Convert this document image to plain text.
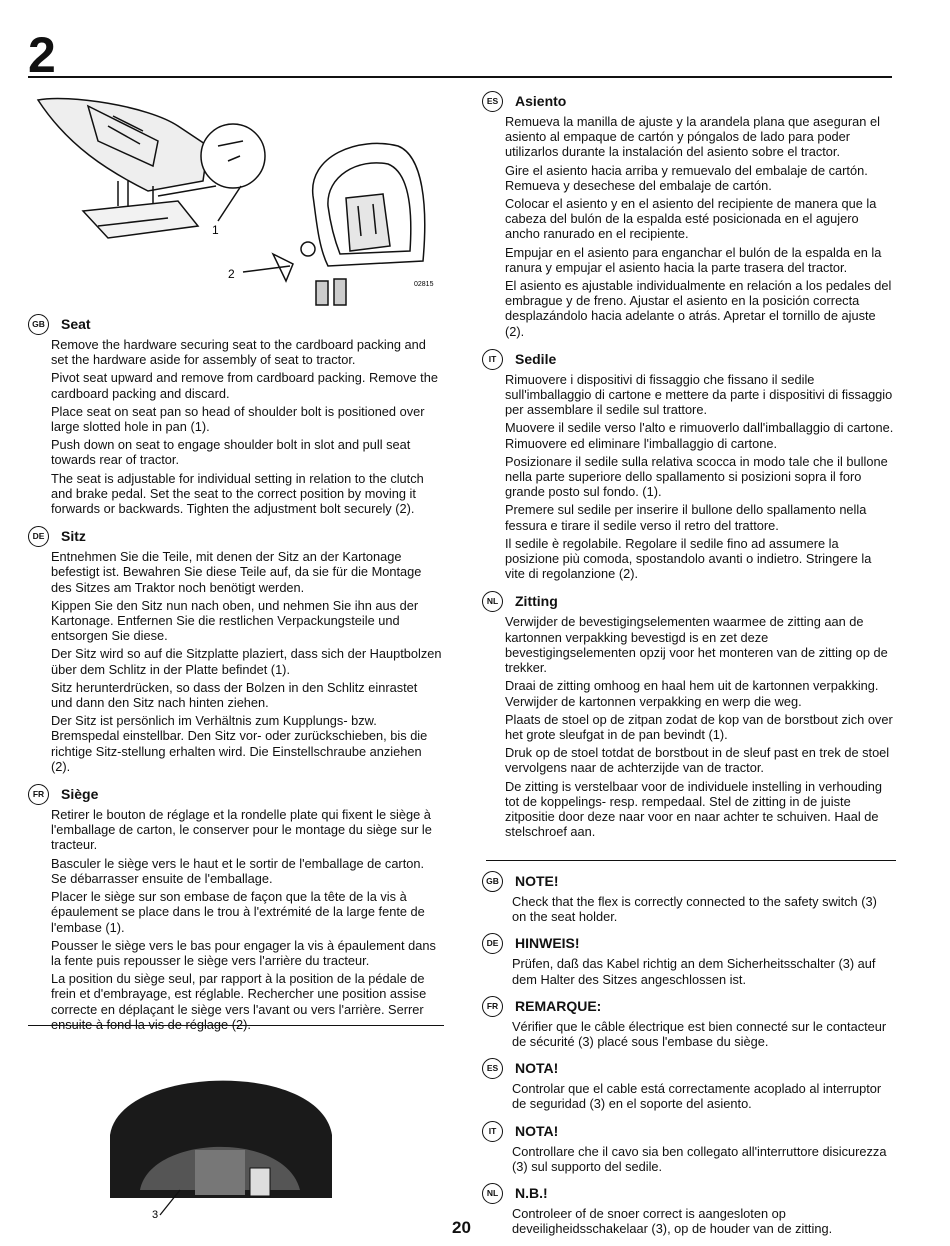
2
1
2
02815
GB Seat
Remove the hardware securing seat to the cardboard packing and set the hardware aside for assembly of seat to tractor.
Pivot seat upward and remove from cardboard packing. Remove the cardboard packing and discard.
Place seat on seat pan so head of shoulder bolt is positioned over large slotted hole in pan (1).
Push down on seat to engage shoulder bolt in slot and pull seat towards rear of tractor.
The seat is adjustable for individual setting in relation to the clutch and brake pedal. Set the seat to the correct position by moving it forwards or backwards. Tighten the adjustment bolt securely (2).
DE	Sitz
Entnehmen Sie die Teile, mit denen der Sitz an der Kartonage befestigt ist. Bewahren Sie diese Teile auf, da sie für die Montage des Sitzes am Traktor noch benötigt werden.
Kippen Sie den Sitz nun nach oben, und nehmen Sie ihn aus der Kartonage. Entfernen Sie die restlichen Verpackungsteile und entsorgen Sie diese.
Der Sitz wird so auf die Sitzplatte plaziert, dass sich der Hauptbolzen über dem Schlitz in der Platte befindet (1).
Sitz herunterdrücken, so dass der Bolzen in den Schlitz einrastet und dann den Sitz nach hinten ziehen.
Der Sitz ist persönlich im Verhältnis zum Kupplungs- bzw. Bremspedal einstellbar. Den Sitz vor- oder zurückschieben, bis die richtige Sitz-stellung erhalten wird. Die Einstellschraube anziehen (2).
FR	Siège
Retirer le bouton de réglage et la rondelle plate qui fixent le siège à l'emballage de carton, le conserver pour le montage du siège sur le tracteur.
Basculer le siège vers le haut et le sortir de l'emballage de carton. Se débarrasser ensuite de l'emballage.
Placer le siège sur son embase de façon que la tête de la vis à épaulement se place dans le trou à l'extrémité de la large fente de l'embase (1).
Pousser le siège vers le bas pour engager la vis à épaulement dans la fente puis repousser le siège vers l'arrière du tracteur.
La position du siège seul, par rapport à la position de la pédale de frein et d'embrayage, est réglable. Rechercher une position assise correcte en déplaçant le siège vers l'avant ou vers l'arrière. Serrer ensuite à fond la vis de réglage (2).
3
ES	Asiento
Remueva la manilla de ajuste y la arandela plana que aseguran el asiento al empaque de cartón y póngalos de lado para poder utilizarlos durante la instalación del asiento sobre el tractor.
Gire el asiento hacia arriba y remuevalo del embalaje de cartón. Remueva y desechese del embalaje de cartón.
Colocar el asiento y en el asiento del recipiente de manera que la cabeza del bulón de la espalda esté posicionada en el agujero ancho ranurado en el recipiente.
Empujar en el asiento para enganchar el bulón de la espalda en la ranura y empujar el asiento hacia la parte trasera del tractor.
El asiento es ajustable individualmente en relación a los pedales del embrague y de freno. Ajustar el asiento en la posición correcta desplazándolo hacia adelante o atrás. Apretar el tornillo de ajuste (2).
IT	Sedile
Rimuovere i dispositivi di fissaggio che fissano il sedile sull'imballaggio di cartone e mettere da parte i dispositivi di fissaggio per assemblare il sedile sul trattore.
Muovere il sedile verso l'alto e rimuoverlo dall'imballaggio di cartone. Rimuovere ed eliminare l'imballaggio di cartone.
Posizionare il sedile sulla relativa scocca in modo tale che il bullone nella parte superiore dello spallamento si posizioni sopra il foro grande posto sul fondo. (1).
Premere sul sedile per inserire il bullone dello spallamento nella fessura e tirare il sedile verso il retro del trattore.
Il sedile è regolabile. Regolare il sedile fino ad assumere la posizione più comoda, spostandolo avanti o indietro. Stringere la vite di regolanzione (2).
NL	Zitting
Verwijder de bevestigingselementen waarmee de zitting aan de kartonnen verpakking bevestigd is en zet deze bevestigingselementen opzij voor het monteren van de zitting op de trekker.
Draai de zitting omhoog en haal hem uit de kartonnen verpakking. Verwijder de kartonnen verpakking en werp die weg.
Plaats de stoel op de zitpan zodat de kop van de borstbout zich over het grote sleufgat in de pan bevindt (1).
Druk op de stoel totdat de borstbout in de sleuf past en trek de stoel vervolgens naar de achterzijde van de tractor.
De zitting is verstelbaar voor de individuele instelling in verhouding tot de koppelings- resp. rempedaal. Stel de zitting in de juiste zitpositie door deze naar voor en naar achter te schuiven. Haal de stelschroef aan.
GB NOTE!
Check that the flex is correctly connected to the safety switch (3) on the seat holder.
DE	HINWEIS!
Prüfen, daß das Kabel richtig an dem Sicherheitsschalter (3) auf dem Halter des Sitzes angeschlossen ist.
FR	REMARQUE:
Vérifier que le câble électrique est bien connecté sur le contacteur de sécurité (3) placé sous l'embase du siège.
ES	NOTA!
Controlar que el cable está correctamente acoplado al interruptor de seguridad (3) en el soporte del asiento.
IT	NOTA!
Controllare che il cavo sia ben collegato all'interruttore disicurezza (3) sul supporto del sedile.
NL	N.B.!
Controleer of de snoer correct is aangesloten op deveiligheidsschakelaar (3), op de houder van de zitting.
20
